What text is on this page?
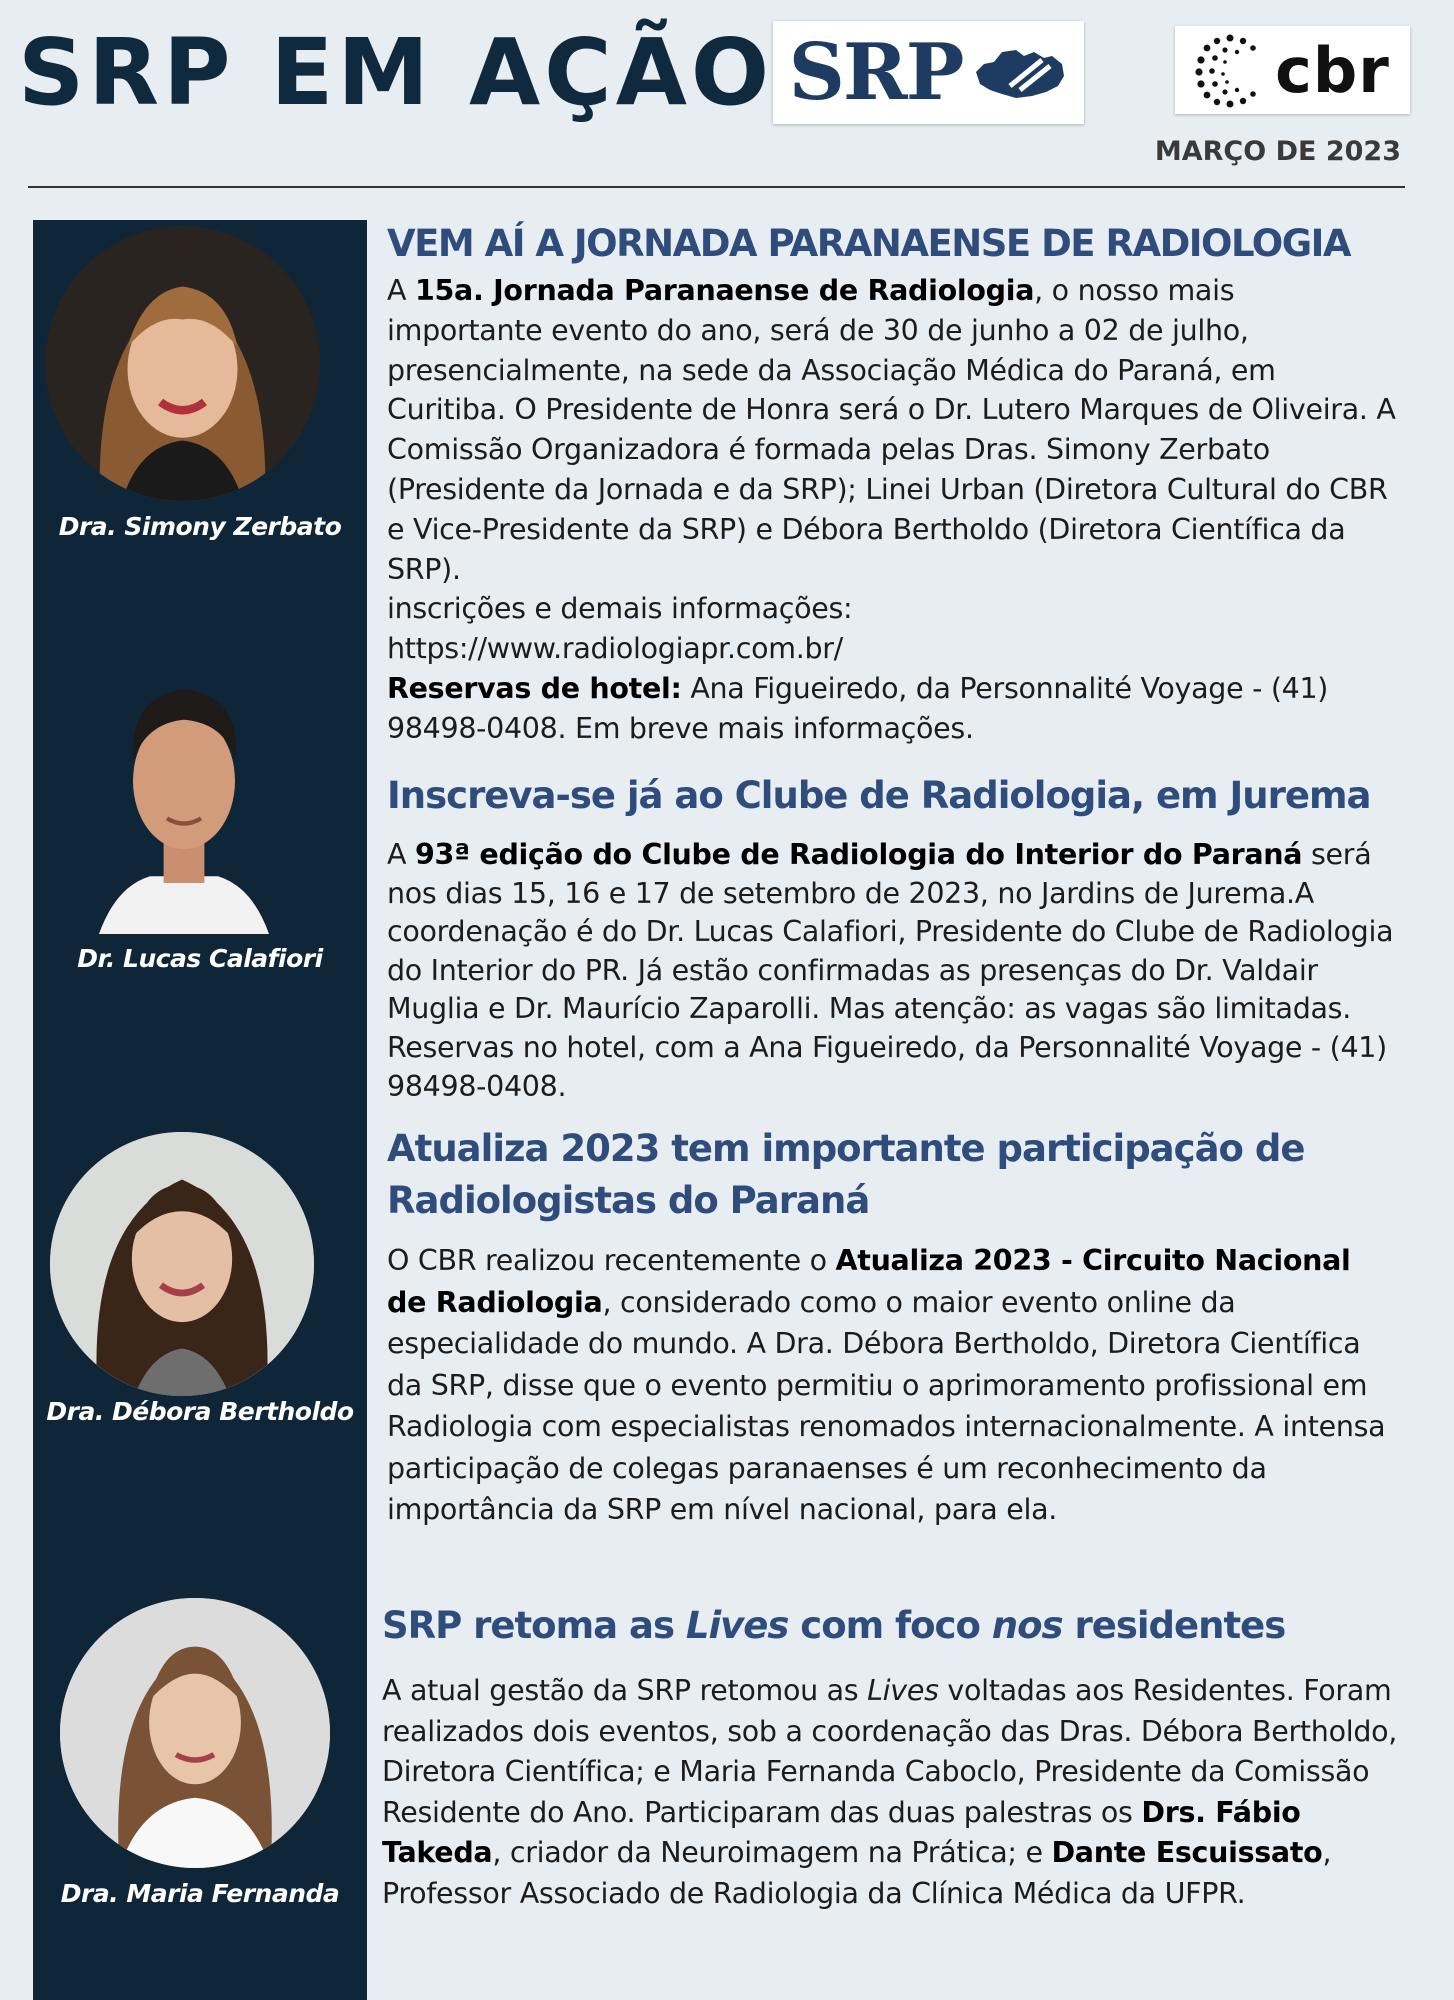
SRP EM AÇÃO SRP	cbr
MARÇO DE 2023
Dra. Simony Zerbato
Dr. Lucas Calafiori
Dra. Débora Bertholdo
Dra. Maria Fernanda
VEM AÍ A JORNADA PARANAENSE DE RADIOLOGIA
A 15a. Jornada Paranaense de Radiologia, o nosso mais importante evento do ano, será de 30 de junho a 02 de julho, presencialmente, na sede da Associação Médica do Paraná, em Curitiba. O Presidente de Honra será o Dr. Lutero Marques de Oliveira. A Comissão Organizadora é formada pelas Dras. Simony Zerbato (Presidente da Jornada e da SRP); Linei Urban (Diretora Cultural do CBR e Vice-Presidente da SRP) e Débora Bertholdo (Diretora Científica da SRP).
inscrições e demais informações:
https://www.radiologiapr.com.br/
Reservas de hotel: Ana Figueiredo, da Personnalité Voyage - (41) 98498-0408. Em breve mais informações.
Inscreva-se já ao Clube de Radiologia, em Jurema
A 93ª edição do Clube de Radiologia do Interior do Paraná será nos dias 15, 16 e 17 de setembro de 2023, no Jardins de Jurema.A coordenação é do Dr. Lucas Calafiori, Presidente do Clube de Radiologia do Interior do PR. Já estão confirmadas as presenças do Dr. Valdair Muglia e Dr. Maurício Zaparolli. Mas atenção: as vagas são limitadas. Reservas no hotel, com a Ana Figueiredo, da Personnalité Voyage - (41) 98498-0408.
Atualiza 2023 tem importante participação de Radiologistas do Paraná
O CBR realizou recentemente o Atualiza 2023 - Circuito Nacional de Radiologia, considerado como o maior evento online da especialidade do mundo. A Dra. Débora Bertholdo, Diretora Científica da SRP, disse que o evento permitiu o aprimoramento profissional em Radiologia com especialistas renomados internacionalmente. A intensa participação de colegas paranaenses é um reconhecimento da importância da SRP em nível nacional, para ela.
SRP retoma as Lives com foco nos residentes
A atual gestão da SRP retomou as Lives voltadas aos Residentes. Foram realizados dois eventos, sob a coordenação das Dras. Débora Bertholdo, Diretora Científica; e Maria Fernanda Caboclo, Presidente da Comissão Residente do Ano. Participaram das duas palestras os Drs. Fábio Takeda, criador da Neuroimagem na Prática; e Dante Escuissato, Professor Associado de Radiologia da Clínica Médica da UFPR.
